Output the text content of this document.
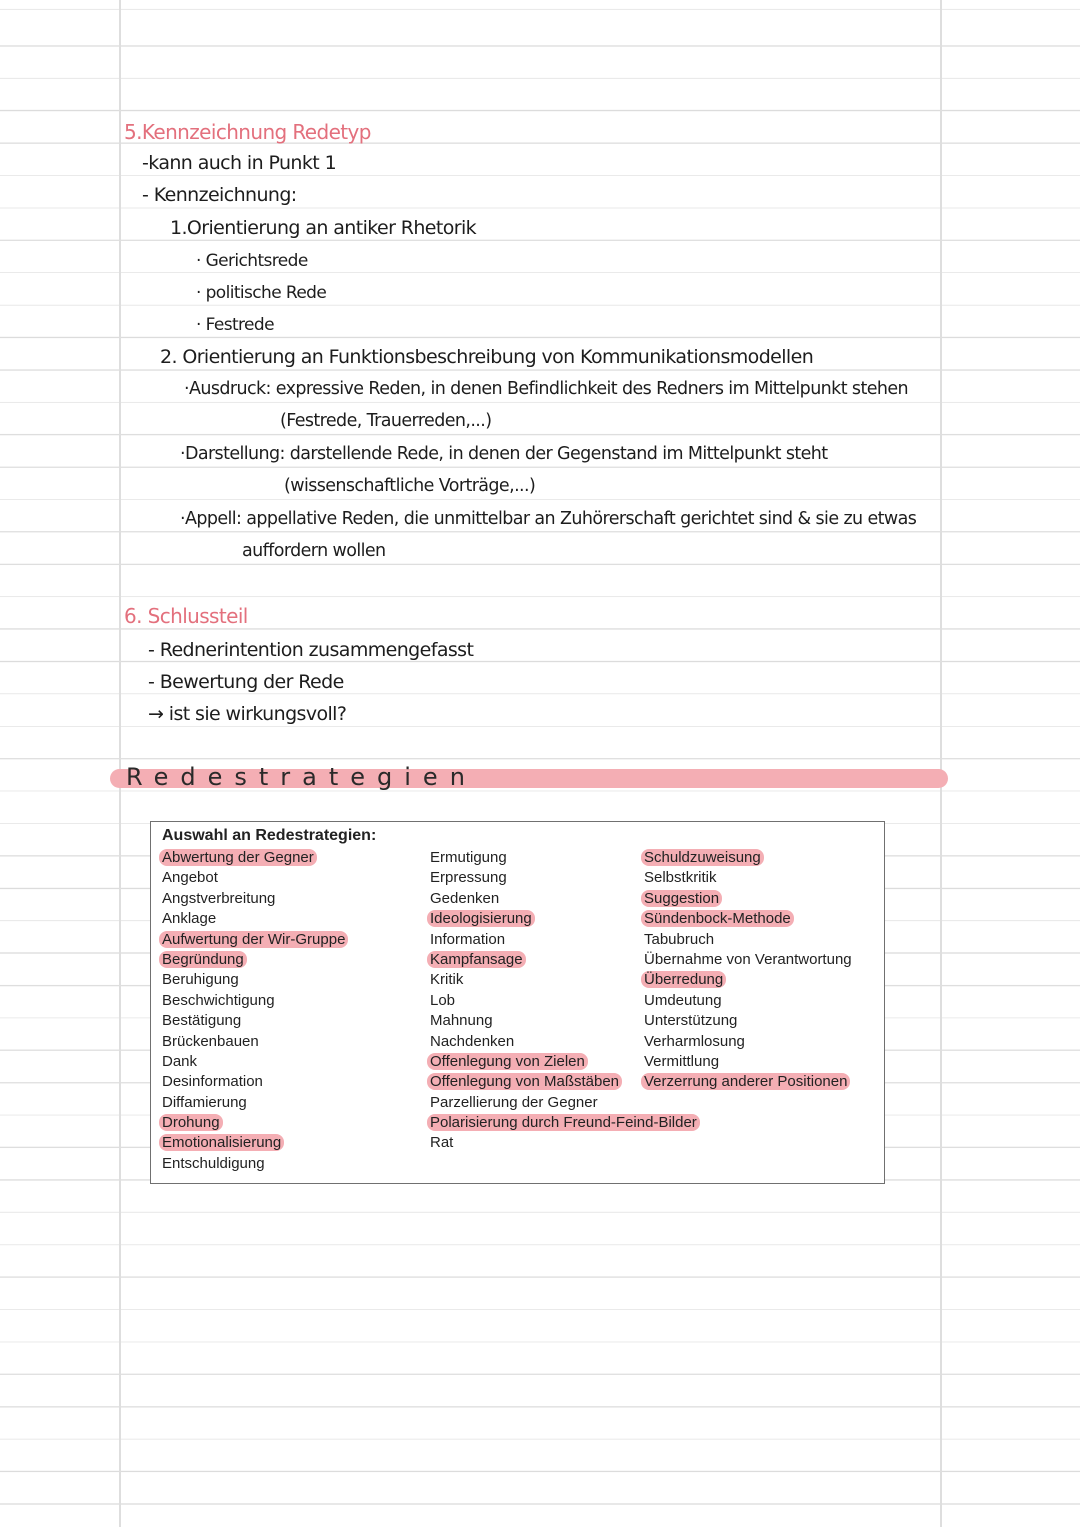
5.Kennzeichnung Redetyp
-kann auch in Punkt 1
- Kennzeichnung:
1.Orientierung an antiker Rhetorik
· Gerichtsrede
· politische Rede
· Festrede
2. Orientierung an Funktionsbeschreibung von Kommunikationsmodellen
·Ausdruck: expressive Reden, in denen Befindlichkeit des Redners im Mittelpunkt stehen
(Festrede, Trauerreden,...)
·Darstellung: darstellende Rede, in denen der Gegenstand im Mittelpunkt steht
(wissenschaftliche Vorträge,...)
·Appell: appellative Reden, die unmittelbar an Zuhörerschaft gerichtet sind & sie zu etwas
auffordern wollen
6. Schlussteil
- Rednerintention zusammengefasst
- Bewertung der Rede
→ ist sie wirkungsvoll?
Redestrategien
Auswahl an Redestrategien:
Abwertung der Gegner
Angebot
Angstverbreitung
Anklage
Aufwertung der Wir-Gruppe
Begründung
Beruhigung
Beschwichtigung
Bestätigung
Brückenbauen
Dank
Desinformation
Diffamierung
Drohung
Emotionalisierung
Entschuldigung
Ermutigung
Erpressung
Gedenken
Ideologisierung
Information
Kampfansage
Kritik
Lob
Mahnung
Nachdenken
Offenlegung von Zielen
Offenlegung von Maßstäben
Parzellierung der Gegner
Polarisierung durch Freund-Feind-Bilder
Rat
Schuldzuweisung
Selbstkritik
Suggestion
Sündenbock-Methode
Tabubruch
Übernahme von Verantwortung
Überredung
Umdeutung
Unterstützung
Verharmlosung
Vermittlung
Verzerrung anderer Positionen
